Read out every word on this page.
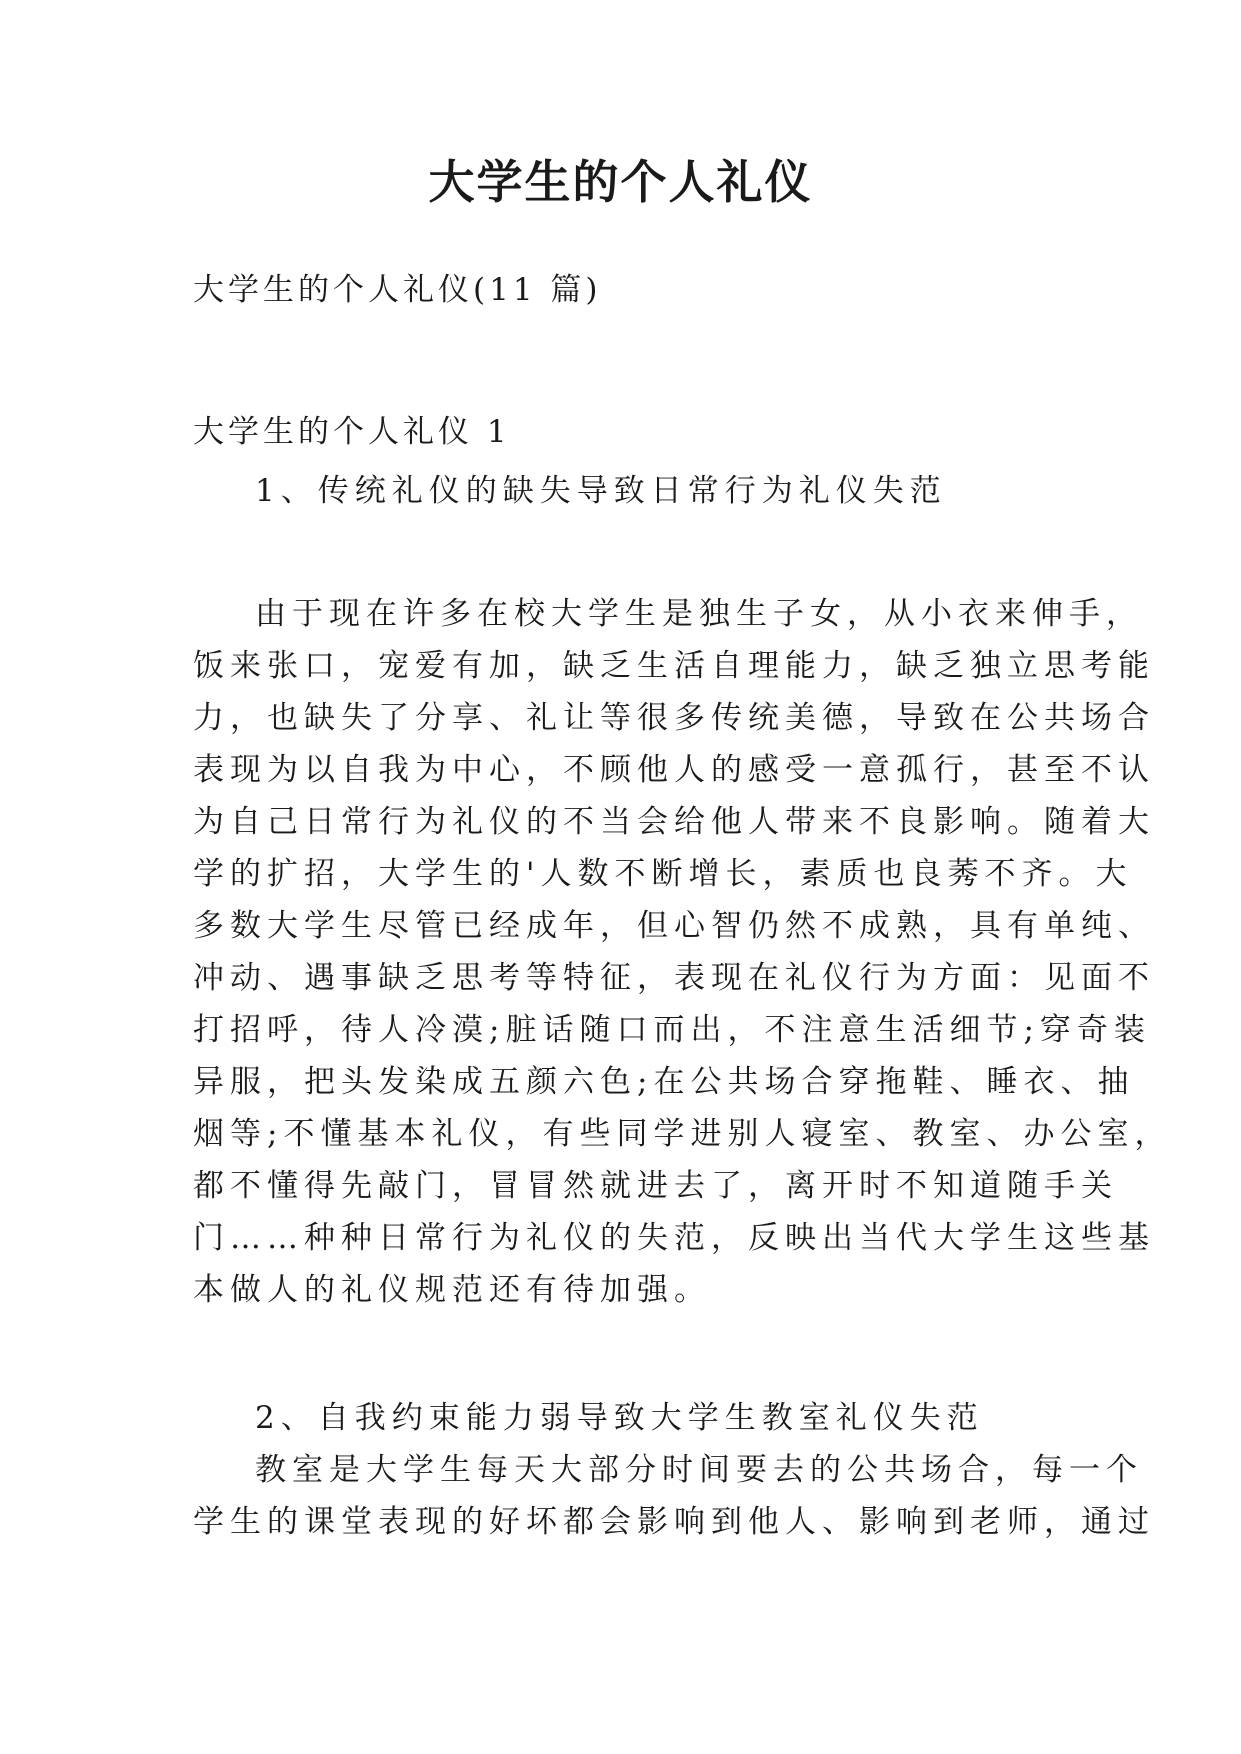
大学生的个人礼仪

大学生的个人礼仪(11 篇)

大学生的个人礼仪 1

1、传统礼仪的缺失导致日常行为礼仪失范

由于现在许多在校大学生是独生子女，从小衣来伸手，

饭来张口，宠爱有加，缺乏生活自理能力，缺乏独立思考能

力，也缺失了分享、礼让等很多传统美德，导致在公共场合

表现为以自我为中心，不顾他人的感受一意孤行，甚至不认

为自己日常行为礼仪的不当会给他人带来不良影响。随着大

学的扩招，大学生的'人数不断增长，素质也良莠不齐。大

多数大学生尽管已经成年，但心智仍然不成熟，具有单纯、

冲动、遇事缺乏思考等特征，表现在礼仪行为方面：见面不

打招呼，待人冷漠;脏话随口而出，不注意生活细节;穿奇装

异服，把头发染成五颜六色;在公共场合穿拖鞋、睡衣、抽

烟等;不懂基本礼仪，有些同学进别人寝室、教室、办公室，

都不懂得先敲门，冒冒然就进去了，离开时不知道随手关

门……种种日常行为礼仪的失范，反映出当代大学生这些基

本做人的礼仪规范还有待加强。

2、自我约束能力弱导致大学生教室礼仪失范

教室是大学生每天大部分时间要去的公共场合，每一个

学生的课堂表现的好坏都会影响到他人、影响到老师，通过
